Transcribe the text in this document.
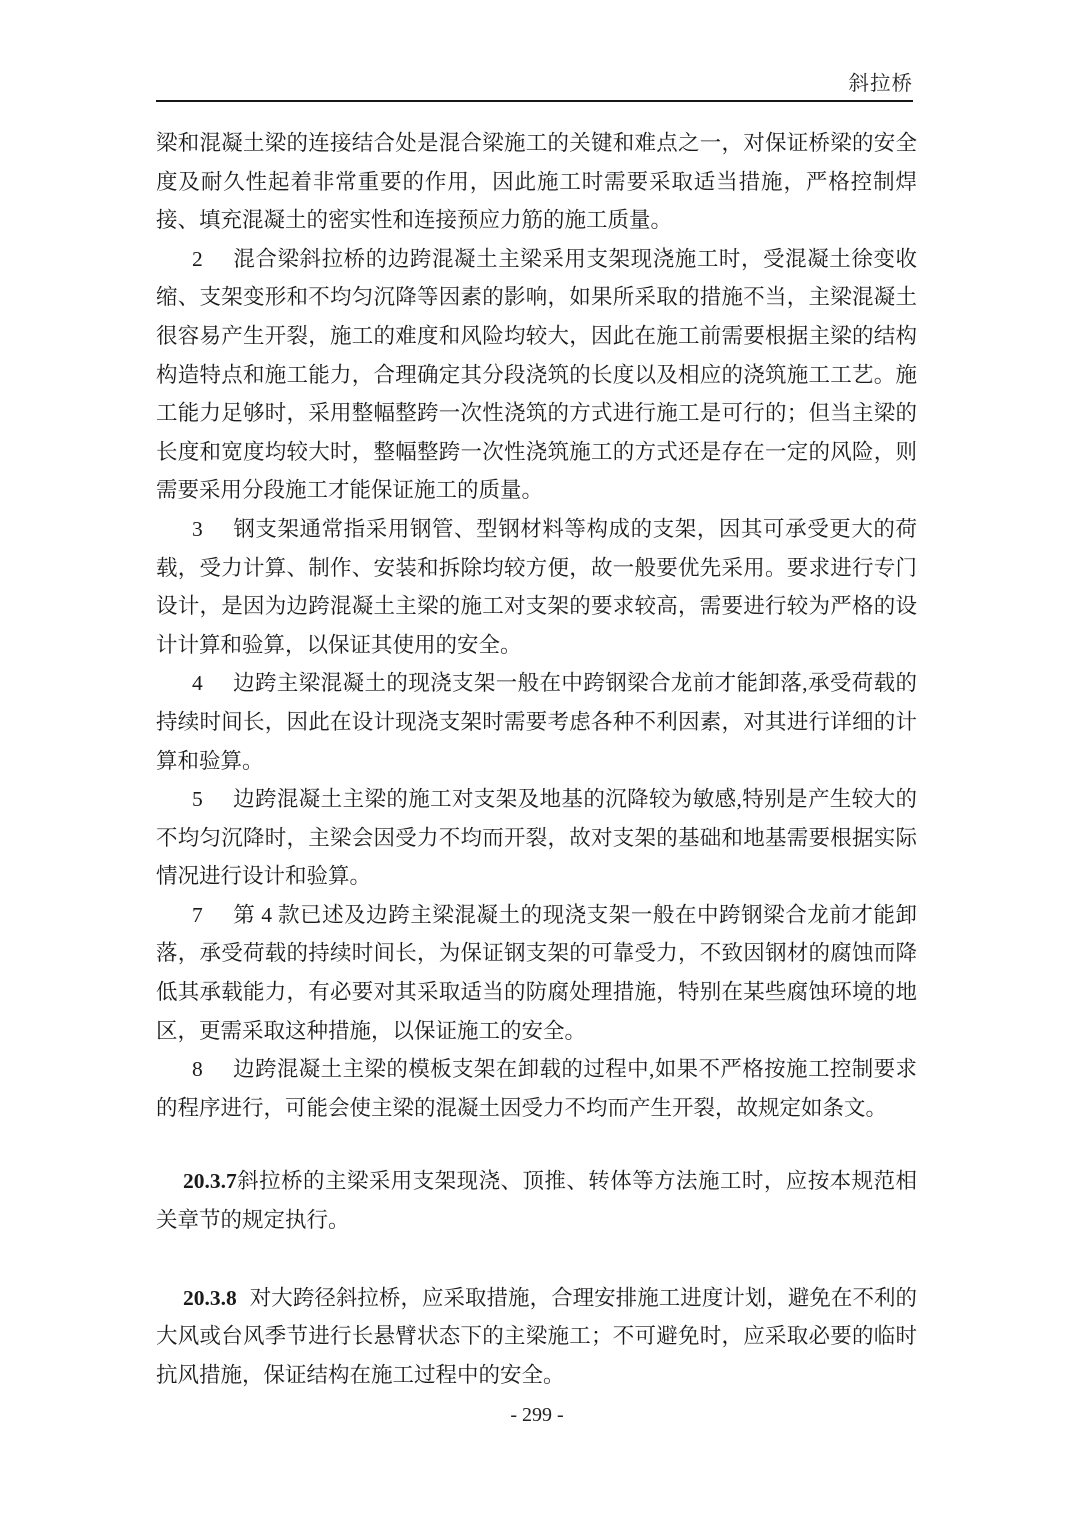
斜拉桥

梁和混凝土梁的连接结合处是混合梁施工的关键和难点之一，对保证桥梁的安全度及耐久性起着非常重要的作用，因此施工时需要采取适当措施，严格控制焊接、填充混凝土的密实性和连接预应力筋的施工质量。

2 混合梁斜拉桥的边跨混凝土主梁采用支架现浇施工时，受混凝土徐变收缩、支架变形和不均匀沉降等因素的影响，如果所采取的措施不当，主梁混凝土很容易产生开裂，施工的难度和风险均较大，因此在施工前需要根据主梁的结构构造特点和施工能力，合理确定其分段浇筑的长度以及相应的浇筑施工工艺。施工能力足够时，采用整幅整跨一次性浇筑的方式进行施工是可行的；但当主梁的长度和宽度均较大时，整幅整跨一次性浇筑施工的方式还是存在一定的风险，则需要采用分段施工才能保证施工的质量。

3 钢支架通常指采用钢管、型钢材料等构成的支架，因其可承受更大的荷载，受力计算、制作、安装和拆除均较方便，故一般要优先采用。要求进行专门设计，是因为边跨混凝土主梁的施工对支架的要求较高，需要进行较为严格的设计计算和验算，以保证其使用的安全。

4 边跨主梁混凝土的现浇支架一般在中跨钢梁合龙前才能卸落,承受荷载的持续时间长，因此在设计现浇支架时需要考虑各种不利因素，对其进行详细的计算和验算。

5 边跨混凝土主梁的施工对支架及地基的沉降较为敏感,特别是产生较大的不均匀沉降时，主梁会因受力不均而开裂，故对支架的基础和地基需要根据实际情况进行设计和验算。

7 第 4 款已述及边跨主梁混凝土的现浇支架一般在中跨钢梁合龙前才能卸落，承受荷载的持续时间长，为保证钢支架的可靠受力，不致因钢材的腐蚀而降低其承载能力，有必要对其采取适当的防腐处理措施，特别在某些腐蚀环境的地区，更需采取这种措施，以保证施工的安全。

8 边跨混凝土主梁的模板支架在卸载的过程中,如果不严格按施工控制要求的程序进行，可能会使主梁的混凝土因受力不均而产生开裂，故规定如条文。

20.3.7斜拉桥的主梁采用支架现浇、顶推、转体等方法施工时，应按本规范相关章节的规定执行。

20.3.8 对大跨径斜拉桥，应采取措施，合理安排施工进度计划，避免在不利的大风或台风季节进行长悬臂状态下的主梁施工；不可避免时，应采取必要的临时抗风措施，保证结构在施工过程中的安全。

- 299 -
